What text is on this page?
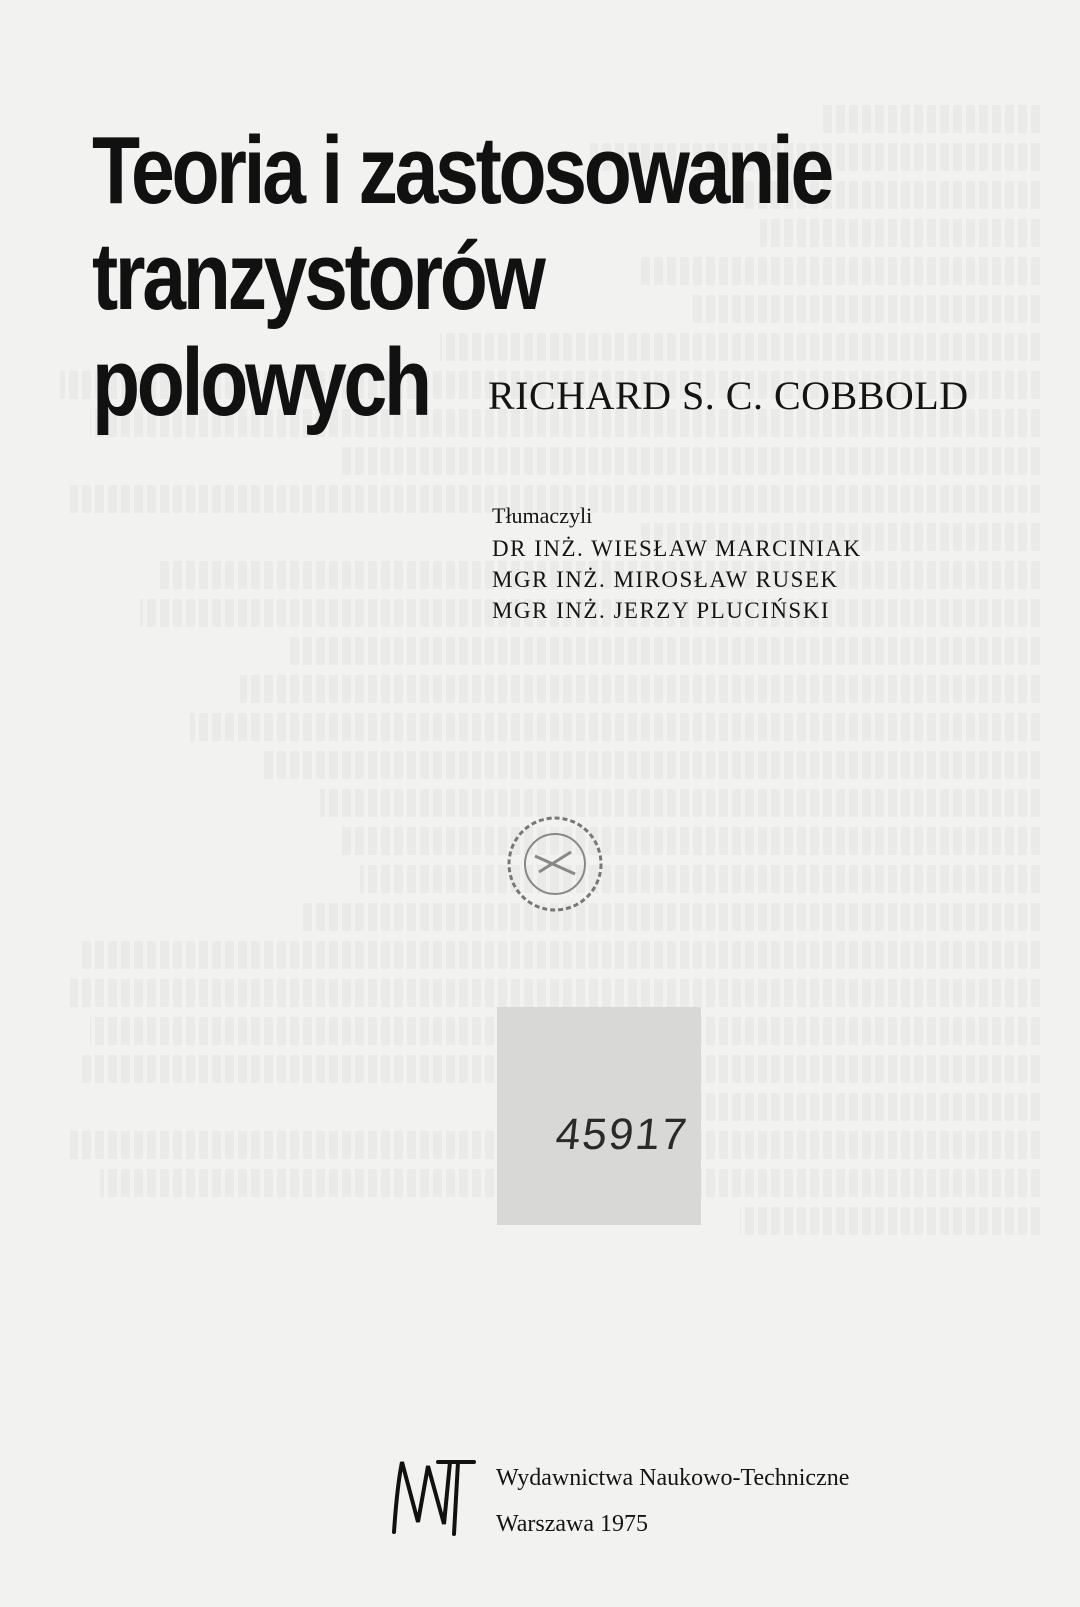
Teoria i zastosowanie
tranzystorów
polowych	RICHARD S. C. COBBOLD
Tłumaczyli
DR INŻ. WIESŁAW MARCINIAK
MGR INŻ. MIROSŁAW RUSEK
MGR INŻ. JERZY PLUCIŃSKI
45917
Wydawnictwa Naukowo-Techniczne
Warszawa 1975
